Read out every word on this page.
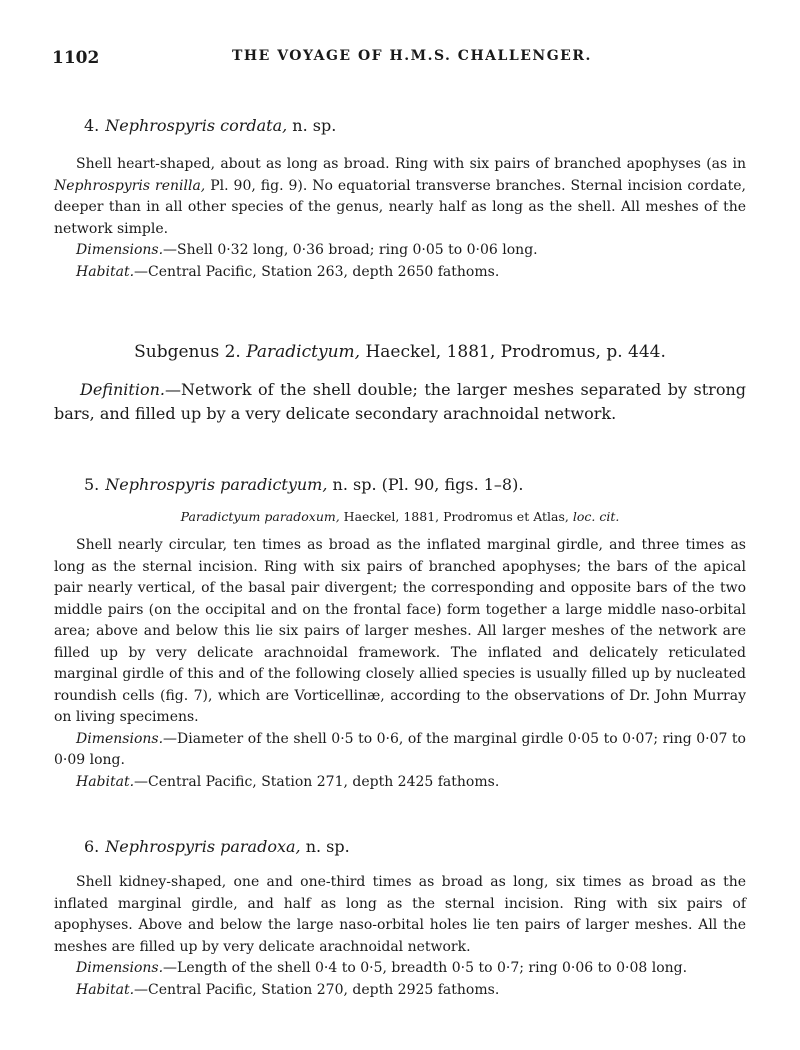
1102	THE VOYAGE OF H.M.S. CHALLENGER.
4. Nephrospyris cordata, n. sp.

Shell heart-shaped, about as long as broad. Ring with six pairs of branched apophyses (as in Nephrospyris renilla, Pl. 90, fig. 9). No equatorial transverse branches. Sternal incision cordate, deeper than in all other species of the genus, nearly half as long as the shell. All meshes of the network simple.

Dimensions.—Shell 0·32 long, 0·36 broad; ring 0·05 to 0·06 long.

Habitat.—Central Pacific, Station 263, depth 2650 fathoms.

Subgenus 2. Paradictyum, Haeckel, 1881, Prodromus, p. 444.

Definition.—Network of the shell double; the larger meshes separated by strong bars, and filled up by a very delicate secondary arachnoidal network.

5. Nephrospyris paradictyum, n. sp. (Pl. 90, figs. 1–8).

Paradictyum paradoxum, Haeckel, 1881, Prodromus et Atlas, loc. cit.

Shell nearly circular, ten times as broad as the inflated marginal girdle, and three times as long as the sternal incision. Ring with six pairs of branched apophyses; the bars of the apical pair nearly vertical, of the basal pair divergent; the corresponding and opposite bars of the two middle pairs (on the occipital and on the frontal face) form together a large middle naso-orbital area; above and below this lie six pairs of larger meshes. All larger meshes of the network are filled up by very delicate arachnoidal framework. The inflated and delicately reticulated marginal girdle of this and of the following closely allied species is usually filled up by nucleated roundish cells (fig. 7), which are Vorticellinæ, according to the observations of Dr. John Murray on living specimens.

Dimensions.—Diameter of the shell 0·5 to 0·6, of the marginal girdle 0·05 to 0·07; ring 0·07 to 0·09 long.

Habitat.—Central Pacific, Station 271, depth 2425 fathoms.

6. Nephrospyris paradoxa, n. sp.

Shell kidney-shaped, one and one-third times as broad as long, six times as broad as the inflated marginal girdle, and half as long as the sternal incision. Ring with six pairs of apophyses. Above and below the large naso-orbital holes lie ten pairs of larger meshes. All the meshes are filled up by very delicate arachnoidal network.

Dimensions.—Length of the shell 0·4 to 0·5, breadth 0·5 to 0·7; ring 0·06 to 0·08 long.

Habitat.—Central Pacific, Station 270, depth 2925 fathoms.
